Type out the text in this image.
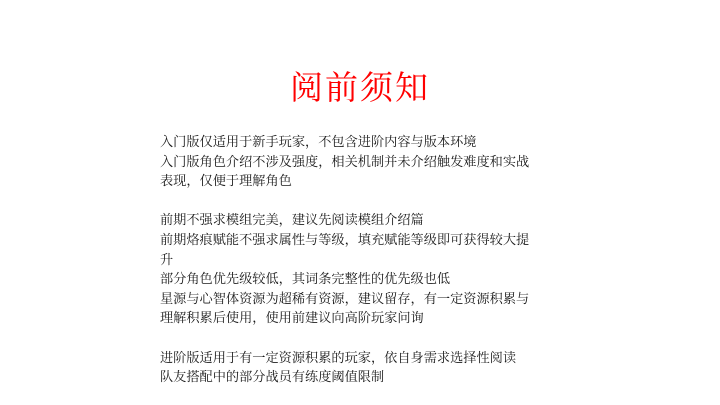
阅前须知

入门版仅适用于新手玩家，不包含进阶内容与版本环境
入门版角色介绍不涉及强度，相关机制并未介绍触发难度和实战
表现，仅便于理解角色

前期不强求模组完美，建议先阅读模组介绍篇
前期烙痕赋能不强求属性与等级，填充赋能等级即可获得较大提
升
部分角色优先级较低，其词条完整性的优先级也低
星源与心智体资源为超稀有资源，建议留存，有一定资源积累与
理解积累后使用，使用前建议向高阶玩家问询

进阶版适用于有一定资源积累的玩家，依自身需求选择性阅读
队友搭配中的部分战员有练度阈值限制
